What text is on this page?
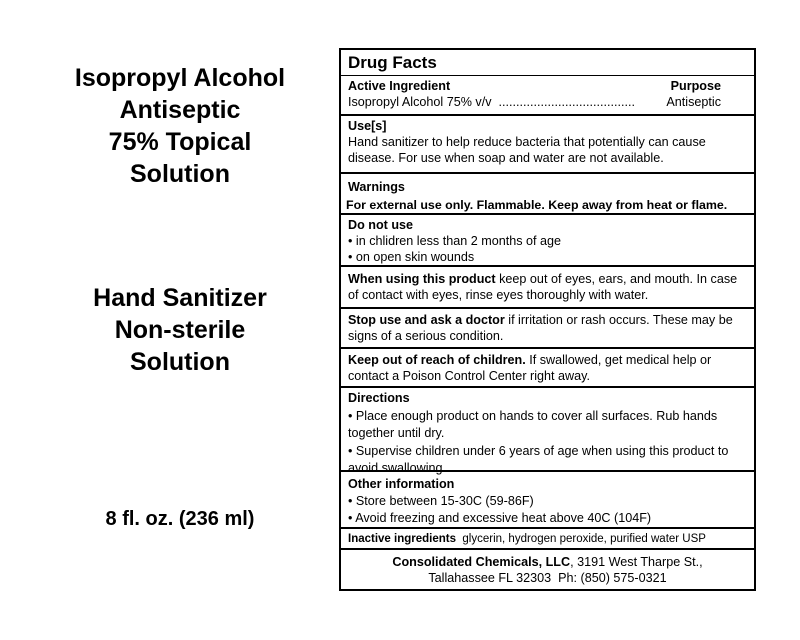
Isopropyl Alcohol
Antiseptic
75% Topical
Solution
Hand Sanitizer
Non-sterile
Solution
8 fl. oz. (236 ml)
Drug Facts
Active Ingredient	Purpose
Isopropyl Alcohol 75% v/v ....................................... Antiseptic
Use[s]
Hand sanitizer to help reduce bacteria that potentially can cause disease. For use when soap and water are not available.
Warnings
For external use only. Flammable. Keep away from heat or flame.
Do not use
• in chlidren less than 2 months of age
• on open skin wounds
When using this product keep out of eyes, ears, and mouth. In case of contact with eyes, rinse eyes thoroughly with water.
Stop use and ask a doctor if irritation or rash occurs. These may be signs of a serious condition.
Keep out of reach of children. If swallowed, get medical help or contact a Poison Control Center right away.
Directions
• Place enough product on hands to cover all surfaces. Rub hands together until dry.
• Supervise children under 6 years of age when using this product to avoid swallowing.
Other information
• Store between 15-30C (59-86F)
• Avoid freezing and excessive heat above 40C (104F)
Inactive ingredients  glycerin, hydrogen peroxide, purified water USP
Consolidated Chemicals, LLC, 3191 West Tharpe St.,
Tallahassee FL 32303  Ph: (850) 575-0321
